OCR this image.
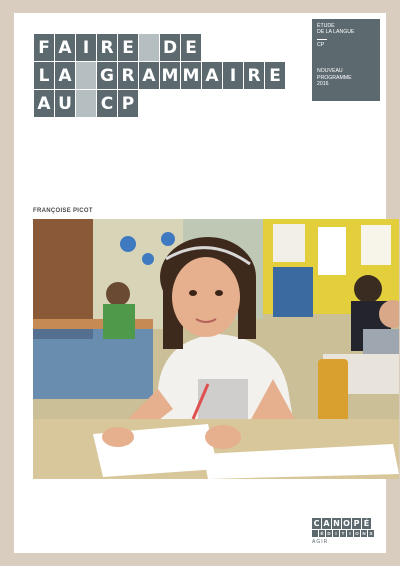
F A I R E D E
L A G R A M M A I R E
A U C P
ÉTUDE
DE LA LANGUE
CP
NOUVEAU
PROGRAMME
2016
FRANÇOISE PICOT
C A N O P É
É D	I	T	I	O N S
AGIR
